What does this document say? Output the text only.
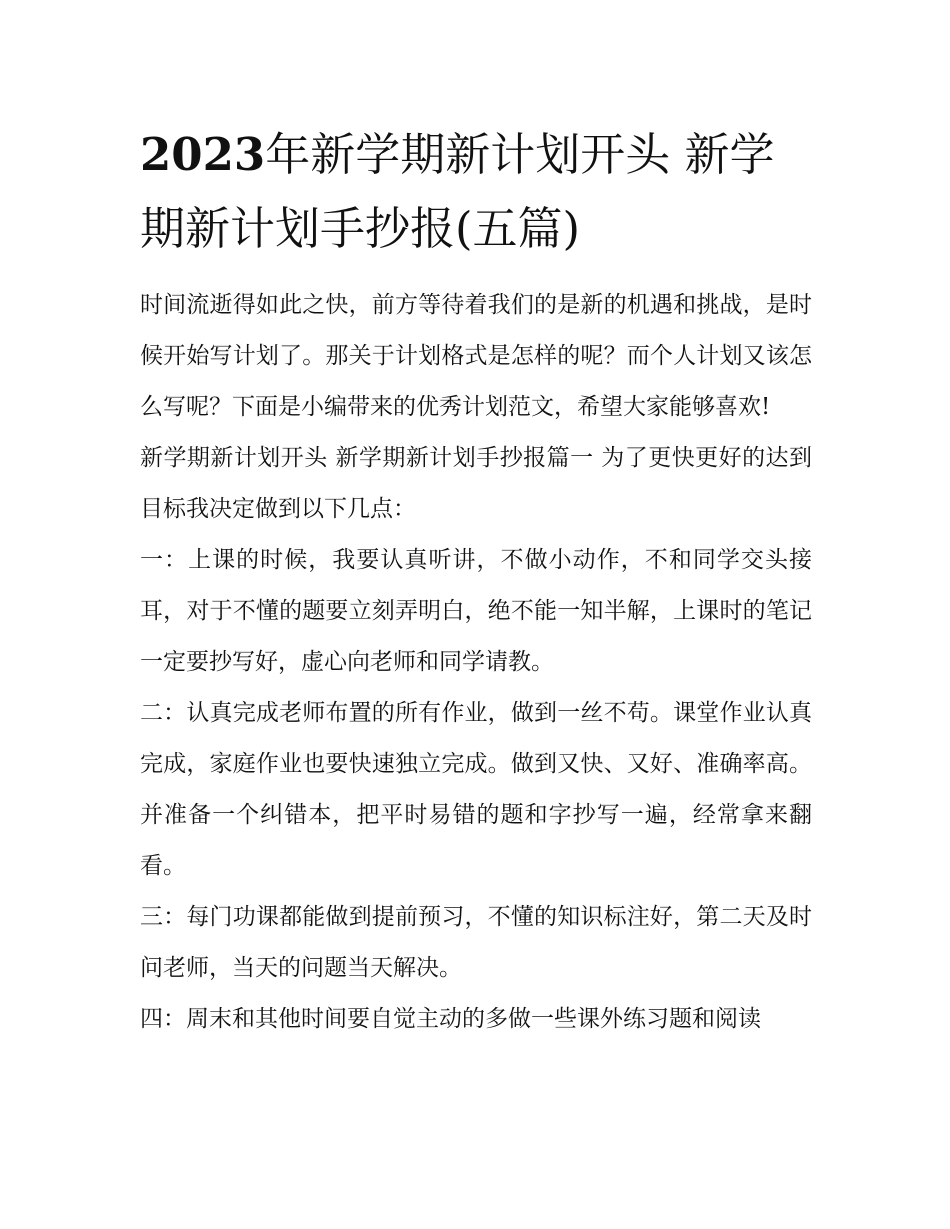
2023年新学期新计划开头 新学期新计划手抄报(五篇)

时间流逝得如此之快，前方等待着我们的是新的机遇和挑战，是时候开始写计划了。那关于计划格式是怎样的呢？而个人计划又该怎么写呢？下面是小编带来的优秀计划范文，希望大家能够喜欢!

新学期新计划开头 新学期新计划手抄报篇一 为了更快更好的达到目标我决定做到以下几点：

一：上课的时候，我要认真听讲，不做小动作，不和同学交头接耳，对于不懂的题要立刻弄明白，绝不能一知半解，上课时的笔记一定要抄写好，虚心向老师和同学请教。

二：认真完成老师布置的所有作业，做到一丝不苟。课堂作业认真完成，家庭作业也要快速独立完成。做到又快、又好、准确率高。并准备一个纠错本，把平时易错的题和字抄写一遍，经常拿来翻看。

三：每门功课都能做到提前预习，不懂的知识标注好，第二天及时问老师，当天的问题当天解决。

四：周末和其他时间要自觉主动的多做一些课外练习题和阅读
